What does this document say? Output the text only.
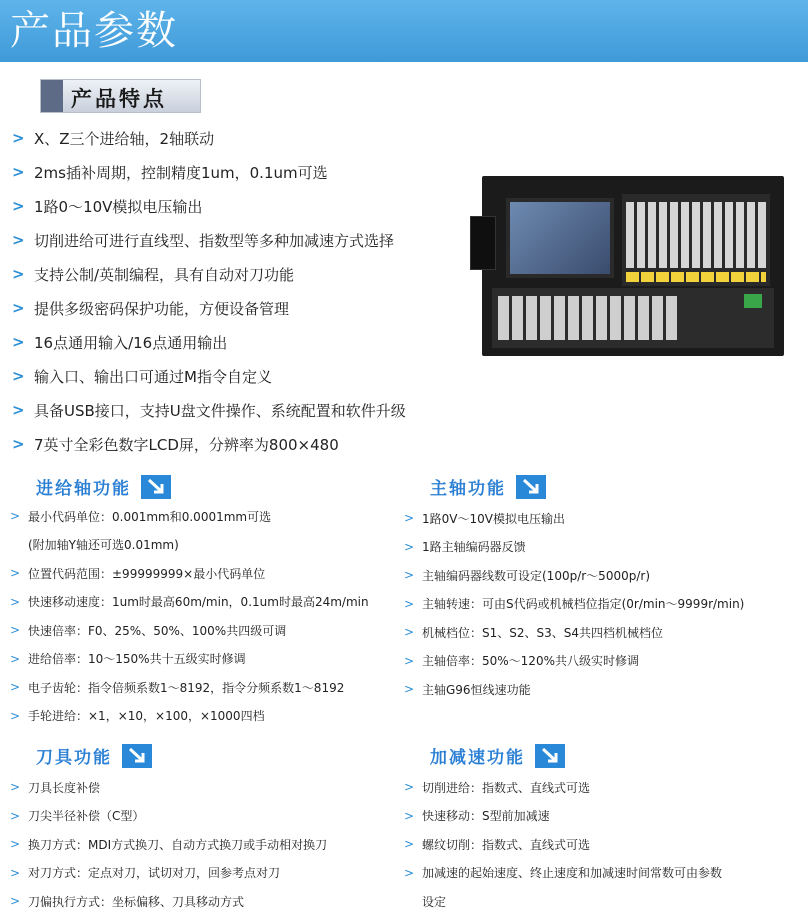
产品参数
产品特点
> X、Z三个进给轴，2轴联动
> 2ms插补周期，控制精度1um，0.1um可选
> 1路0～10V模拟电压输出
> 切削进给可进行直线型、指数型等多种加减速方式选择
> 支持公制/英制编程，具有自动对刀功能
> 提供多级密码保护功能，方便设备管理
> 16点通用输入/16点通用输出
> 输入口、输出口可通过M指令自定义
> 具备USB接口，支持U盘文件操作、系统配置和软件升级
> 7英寸全彩色数字LCD屏，分辨率为800×480
进给轴功能
> 最小代码单位：0.001mm和0.0001mm可选
(附加轴Y轴还可选0.01mm)
> 位置代码范围：±99999999×最小代码单位
> 快速移动速度：1um时最高60m/min，0.1um时最高24m/min
> 快速倍率：F0、25%、50%、100%共四级可调
> 进给倍率：10～150%共十五级实时修调
> 电子齿轮：指令倍频系数1～8192，指令分频系数1～8192
> 手轮进给：×1，×10，×100，×1000四档
主轴功能
> 1路0V～10V模拟电压输出
> 1路主轴编码器反馈
> 主轴编码器线数可设定(100p/r～5000p/r)
> 主轴转速：可由S代码或机械档位指定(0r/min～9999r/min)
> 机械档位：S1、S2、S3、S4共四档机械档位
> 主轴倍率：50%～120%共八级实时修调
> 主轴G96恒线速功能
刀具功能
> 刀具长度补偿
> 刀尖半径补偿（C型）
> 换刀方式：MDI方式换刀、自动方式换刀或手动相对换刀
> 对刀方式：定点对刀，试切对刀，回参考点对刀
> 刀偏执行方式：坐标偏移、刀具移动方式
加减速功能
> 切削进给：指数式、直线式可选
> 快速移动：S型前加减速
> 螺纹切削：指数式、直线式可选
> 加减速的起始速度、终止速度和加减速时间常数可由参数
设定
